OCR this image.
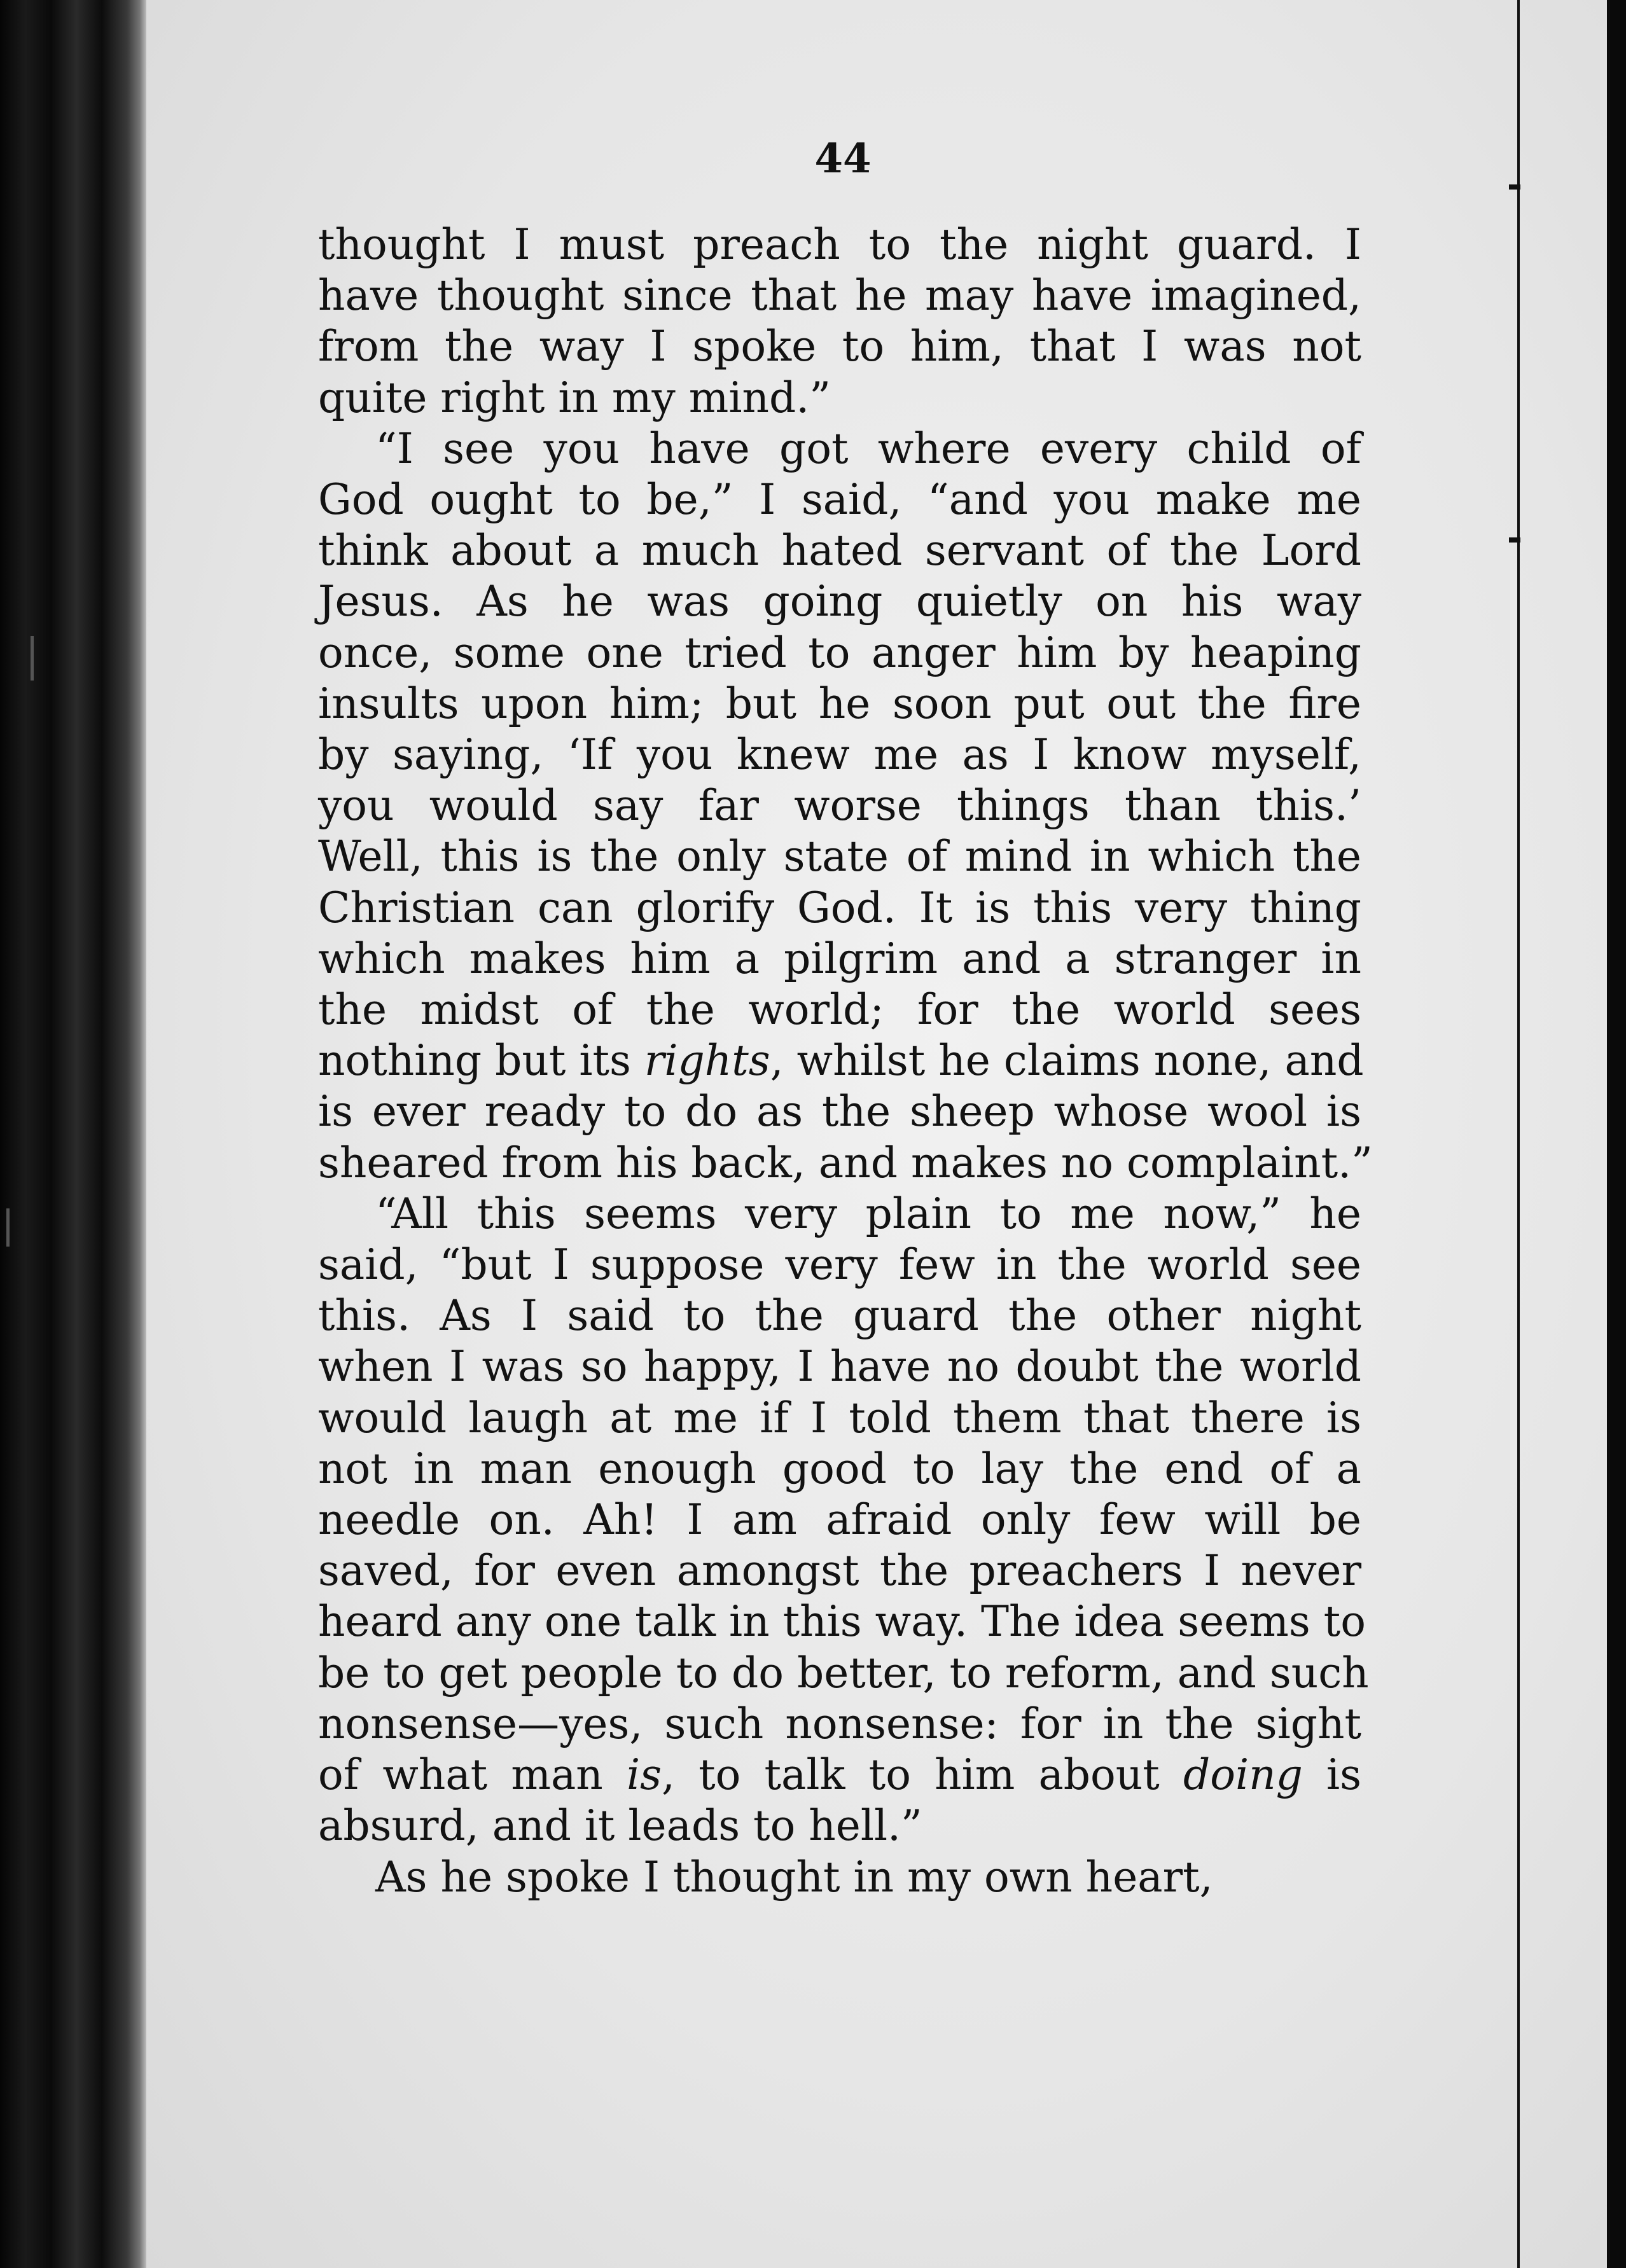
44

thought I must preach to the night guard. I

have thought since that he may have imagined,

from the way I spoke to him, that I was not

quite right in my mind.”

“I see you have got where every child of

God ought to be,” I said, “and you make me

think about a much hated servant of the Lord

Jesus. As he was going quietly on his way

once, some one tried to anger him by heaping

insults upon him; but he soon put out the fire

by saying, ‘If you knew me as I know myself,

you would say far worse things than this.’

Well, this is the only state of mind in which the

Christian can glorify God. It is this very thing

which makes him a pilgrim and a stranger in

the midst of the world; for the world sees

nothing but its rights, whilst he claims none, and

is ever ready to do as the sheep whose wool is

sheared from his back, and makes no complaint.”

“All this seems very plain to me now,” he

said, “but I suppose very few in the world see

this. As I said to the guard the other night

when I was so happy, I have no doubt the world

would laugh at me if I told them that there is

not in man enough good to lay the end of a

needle on. Ah! I am afraid only few will be

saved, for even amongst the preachers I never

heard any one talk in this way. The idea seems to

be to get people to do better, to reform, and such

nonsense—yes, such nonsense: for in the sight

of what man is, to talk to him about doing is

absurd, and it leads to hell.”

As he spoke I thought in my own heart,
